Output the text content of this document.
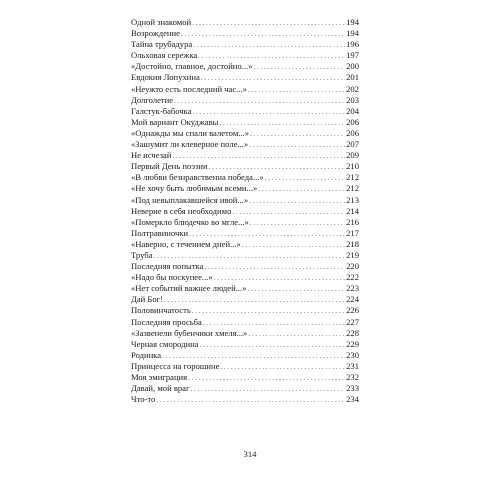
Одной знакомой . . .	194
Возрождение . . .	194
Тайна трубадура . . .	196
Ольховая сережка . . .	197
«Достойно, главное, достойно...» . . .	200
Евдокия Лопухина . . .	201
«Неужто есть последний час...» . . .	202
Долголетие . . .	203
Галстук-бабочка . . .	204
Мой вариант Окуджавы . . .	206
«Однажды мы спали валетом...» . . .	206
«Зашумит ли клеверное поле...» . . .	207
Не исчезай . . .	209
Первый День поэзии . . .	210
«В любви безнравственна победа...» . . .	212
«Не хочу быть любимым всеми...» . . .	212
«Под невыплакавшейся ивой...» . . .	213
Неверие в себя необходимо . . .	214
«Померкло блюдечко во мгле...» . . .	216
Полтравиночки . . .	217
«Наверно, с течением дней...» . . .	218
Труба . . .	219
Последняя попытка . . .	220
«Надо бы поскупее...» . . .	222
«Нет событий важнее людей...» . . .	223
Дай Бог! . . .	224
Половинчатость . . .	226
Последняя просьба . . .	227
«Зазвенели бубенчики хмеля...» . . .	228
Черная смородина . . .	229
Родинка . . .	230
Принцесса на горошине . . .	231
Моя эмиграция . . .	232
Давай, мой враг . . .	233
Что-то . . .	234
314
